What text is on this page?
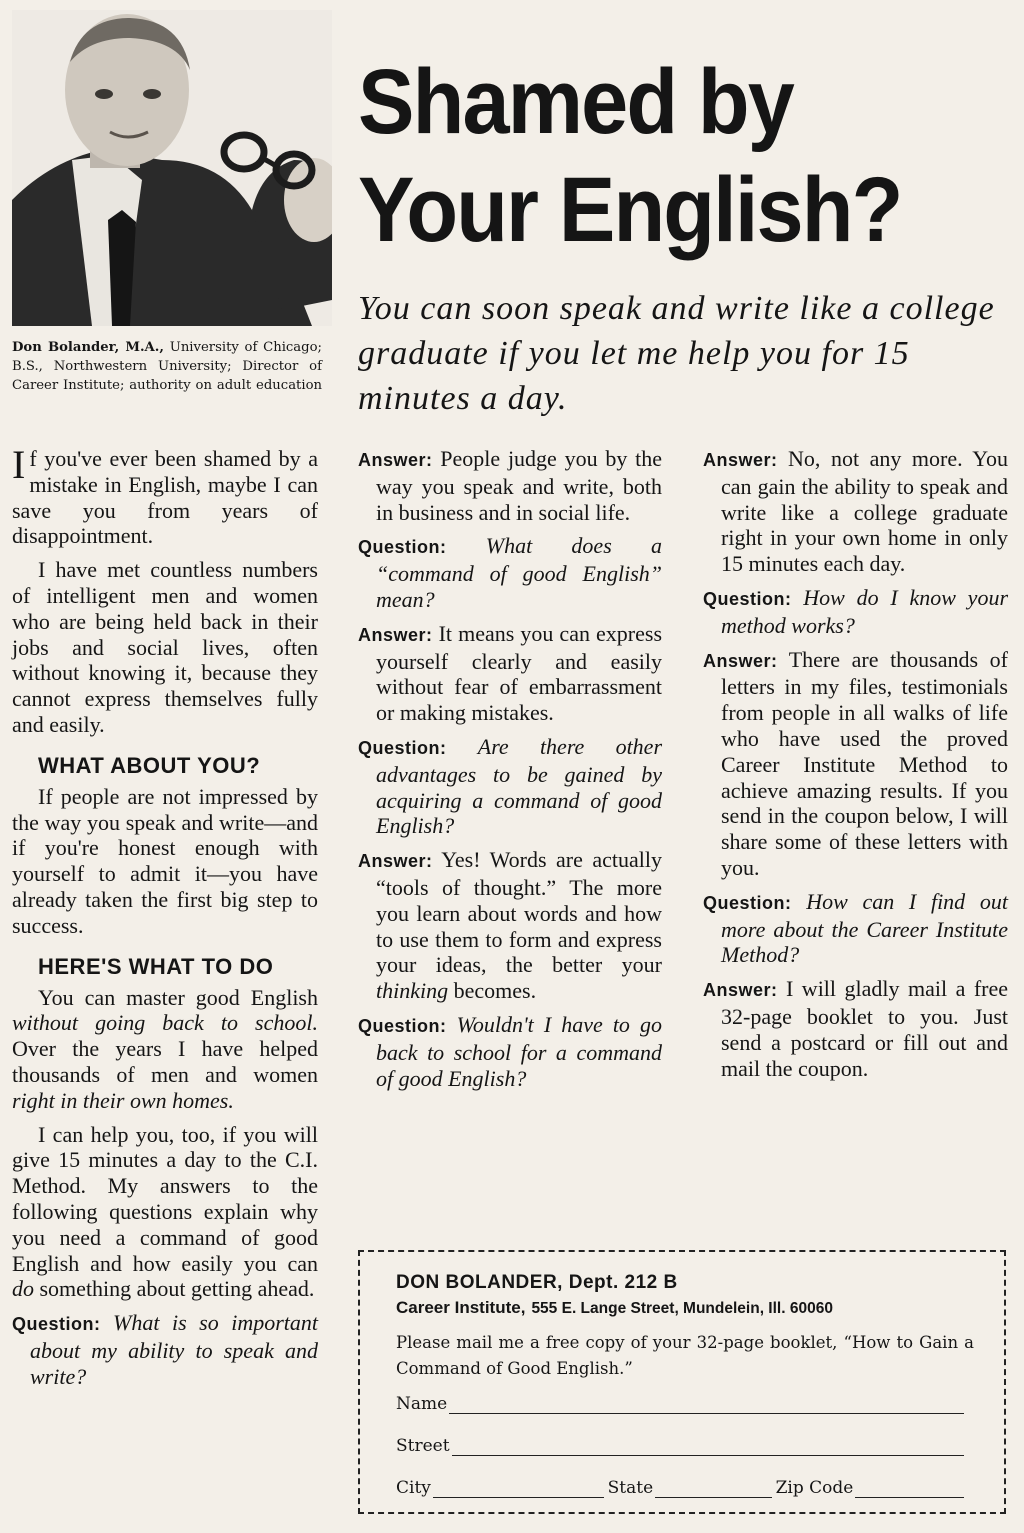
Don Bolander, M.A., University of Chicago; B.S., Northwestern University; Director of Career Institute; authority on adult education
Shamed by
Your English?
You can soon speak and write like a college graduate if you let me help you for 15 minutes a day.

If you've ever been shamed by a mistake in English, maybe I can save you from years of disappointment.

I have met countless numbers of intelligent men and women who are being held back in their jobs and social lives, often without knowing it, because they cannot express themselves fully and easily.

WHAT ABOUT YOU?

If people are not impressed by the way you speak and write—and if you're honest enough with yourself to admit it—you have already taken the first big step to success.

HERE'S WHAT TO DO

You can master good English without going back to school. Over the years I have helped thousands of men and women right in their own homes.

I can help you, too, if you will give 15 minutes a day to the C.I. Method. My answers to the following questions explain why you need a command of good English and how easily you can do something about getting ahead.

Question: What is so important about my ability to speak and write?

Answer: People judge you by the way you speak and write, both in business and in social life.

Question: What does a “command of good English” mean?

Answer: It means you can express yourself clearly and easily without fear of embarrassment or making mistakes.

Question: Are there other advantages to be gained by acquiring a command of good English?

Answer: Yes! Words are actually “tools of thought.” The more you learn about words and how to use them to form and express your ideas, the better your thinking becomes.

Question: Wouldn't I have to go back to school for a command of good English?

Answer: No, not any more. You can gain the ability to speak and write like a college graduate right in your own home in only 15 minutes each day.

Question: How do I know your method works?

Answer: There are thousands of letters in my files, testimonials from people in all walks of life who have used the proved Career Institute Method to achieve amazing results. If you send in the coupon below, I will share some of these letters with you.

Question: How can I find out more about the Career Institute Method?

Answer: I will gladly mail a free 32-page booklet to you. Just send a postcard or fill out and mail the coupon.

DON BOLANDER, Dept. 212 B
Career Institute, 555 E. Lange Street, Mundelein, Ill. 60060
Please mail me a free copy of your 32-page booklet, “How to Gain a Command of Good English.”
Name
Street
City	State	Zip Code
